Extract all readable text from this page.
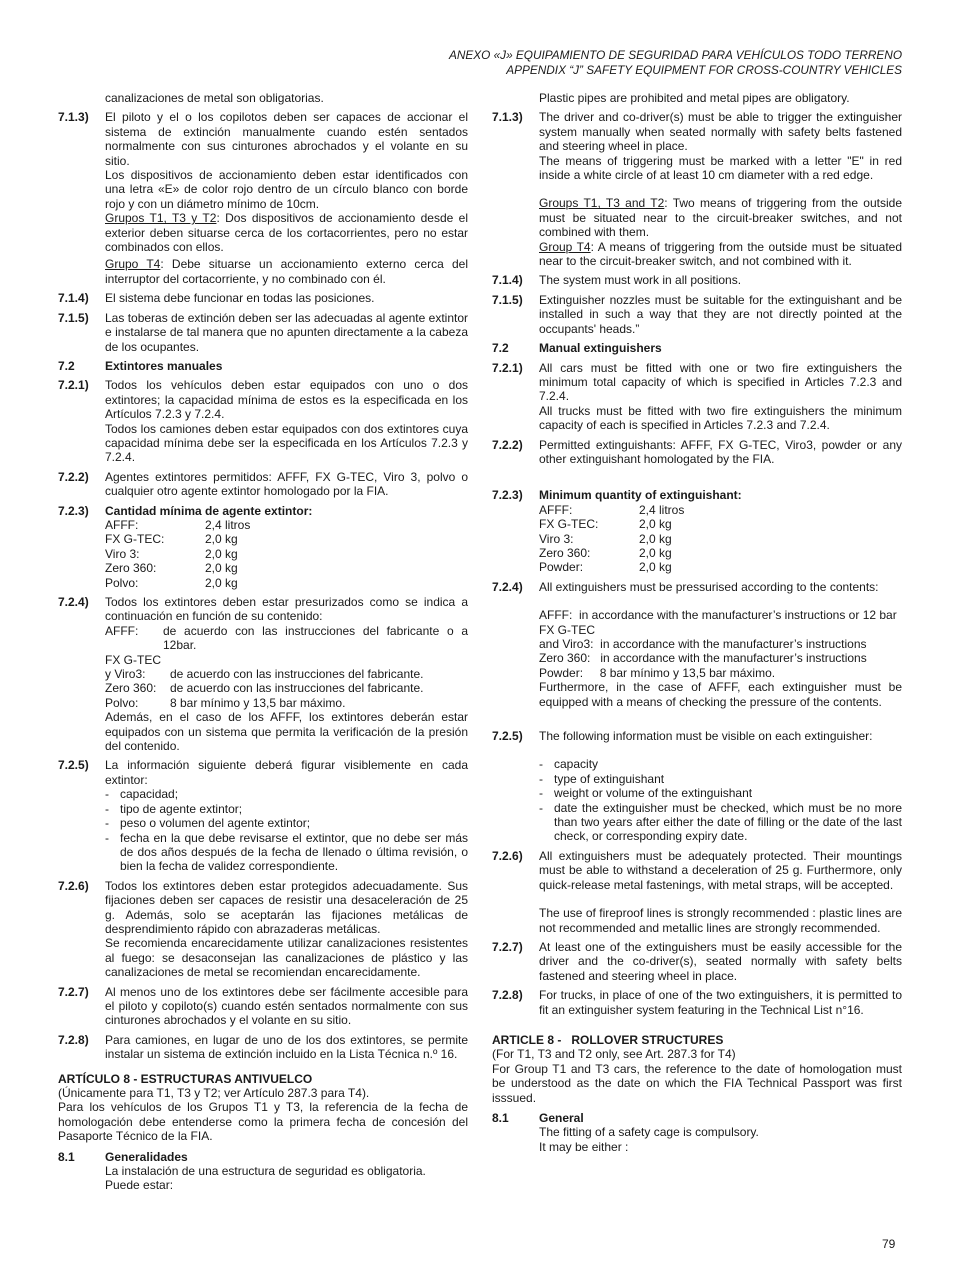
ANEXO «J» EQUIPAMIENTO DE SEGURIDAD PARA VEHÍCULOS TODO TERRENO
APPENDIX “J” SAFETY EQUIPMENT FOR CROSS-COUNTRY VEHICLES
canalizaciones de metal son obligatorias.
7.1.3)	El piloto y el o los copilotos deben ser capaces de accionar el sistema de extinción manualmente cuando estén sentados normalmente con sus cinturones abrochados y el volante en su sitio.

Los dispositivos de accionamiento deben estar identificados con una letra «E» de color rojo dentro de un círculo blanco con borde rojo y con un diámetro mínimo de 10cm.

Grupos T1, T3 y T2: Dos dispositivos de accionamiento desde el exterior deben situarse cerca de los cortacorrientes, pero no estar combinados con ellos.

Grupo T4: Debe situarse un accionamiento externo cerca del interruptor del cortacorriente, y no combinado con él.

7.1.4)	El sistema debe funcionar en todas las posiciones.
7.1.5)	Las toberas de extinción deben ser las adecuadas al agente extintor e instalarse de tal manera que no apunten directamente a la cabeza de los ocupantes.
7.2	Extintores manuales
7.2.1)	Todos los vehículos deben estar equipados con uno o dos extintores; la capacidad mínima de estos es la especificada en los Artículos 7.2.3 y 7.2.4.

Todos los camiones deben estar equipados con dos extintores cuya capacidad mínima debe ser la especificada en los Artículos 7.2.3 y 7.2.4.

7.2.2)	Agentes extintores permitidos: AFFF, FX G-TEC, Viro 3, polvo o cualquier otro agente extintor homologado por la FIA.
7.2.3)	Cantidad mínima de agente extintor:

AFFF:	2,4 litros
FX G-TEC:	2,0 kg
Viro 3:	2,0 kg
Zero 360:	2,0 kg
Polvo:	2,0 kg
7.2.4)	Todos los extintores deben estar presurizados como se indica a continuación en función de su contenido:

AFFF:	de acuerdo con las instrucciones del fabricante o a 12bar.

FX G-TEC

y Viro3:	de acuerdo con las instrucciones del fabricante.
Zero 360:	de acuerdo con las instrucciones del fabricante.
Polvo:	8 bar mínimo y 13,5 bar máximo.

Además, en el caso de los AFFF, los extintores deberán estar equipados con un sistema que permita la verificación de la presión del contenido.

7.2.5)	La información siguiente deberá figurar visiblemente en cada extintor:

- capacidad;
- tipo de agente extintor;
- peso o volumen del agente extintor;
- fecha en la que debe revisarse el extintor, que no debe ser más de dos años después de la fecha de llenado o última revisión, o bien la fecha de validez correspondiente.
7.2.6)	Todos los extintores deben estar protegidos adecuadamente. Sus fijaciones deben ser capaces de resistir una desaceleración de 25 g. Además, solo se aceptarán las fijaciones metálicas de desprendimiento rápido con abrazaderas metálicas.

Se recomienda encarecidamente utilizar canalizaciones resistentes al fuego: se desaconsejan las canalizaciones de plástico y las canalizaciones de metal se recomiendan encarecidamente.

7.2.7)	Al menos uno de los extintores debe ser fácilmente accesible para el piloto y copiloto(s) cuando estén sentados normalmente con sus cinturones abrochados y el volante en su sitio.
7.2.8)	Para camiones, en lugar de uno de los dos extintores, se permite instalar un sistema de extinción incluido en la Lista Técnica n.º 16.

ARTÍCULO 8 - ESTRUCTURAS ANTIVUELCO

(Únicamente para T1, T3 y T2; ver Artículo 287.3 para T4).

Para los vehículos de los Grupos T1 y T3, la referencia de la fecha de homologación debe entenderse como la primera fecha de concesión del Pasaporte Técnico de la FIA.

8.1	Generalidades

La instalación de una estructura de seguridad es obligatoria.

Puede estar:

Plastic pipes are prohibited and metal pipes are obligatory.
7.1.3)	The driver and co-driver(s) must be able to trigger the extinguisher system manually when seated normally with safety belts fastened and steering wheel in place.

The means of triggering must be marked with a letter "E" in red inside a white circle of at least 10 cm diameter with a red edge.

Groups T1, T3 and T2: Two means of triggering from the outside must be situated near to the circuit-breaker switches, and not combined with them.

Group T4: A means of triggering from the outside must be situated near to the circuit-breaker switch, and not combined with it.

7.1.4)	The system must work in all positions.
7.1.5)	Extinguisher nozzles must be suitable for the extinguishant and be installed in such a way that they are not directly pointed at the occupants' heads.”
7.2	Manual extinguishers
7.2.1)	All cars must be fitted with one or two fire extinguishers the minimum total capacity of which is specified in Articles 7.2.3 and 7.2.4.

All trucks must be fitted with two fire extinguishers the minimum capacity of each is specified in Articles 7.2.3 and 7.2.4.

7.2.2)	Permitted extinguishants: AFFF, FX G-TEC, Viro3, powder or any other extinguishant homologated by the FIA.
7.2.3)	Minimum quantity of extinguishant:

AFFF:	2,4 litros
FX G-TEC:	2,0 kg
Viro 3:	2,0 kg
Zero 360:	2,0 kg
Powder:	2,0 kg
7.2.4)	All extinguishers must be pressurised according to the contents:

AFFF:  in accordance with the manufacturer’s instructions or 12 bar

FX G-TEC

and Viro3:  in accordance with the manufacturer’s instructions

Zero 360:   in accordance with the manufacturer’s instructions

Powder:     8 bar mínimo y 13,5 bar máximo.

Furthermore, in the case of AFFF, each extinguisher must be equipped with a means of checking the pressure of the contents.

7.2.5)	The following information must be visible on each extinguisher:

- capacity
- type of extinguishant
- weight or volume of the extinguishant
- date the extinguisher must be checked, which must be no more than two years after either the date of filling or the date of the last check, or corresponding expiry date.
7.2.6)	All extinguishers must be adequately protected. Their mountings must be able to withstand a deceleration of 25 g. Furthermore, only quick-release metal fastenings, with metal straps, will be accepted.

The use of fireproof lines is strongly recommended : plastic lines are not recommended and metallic lines are strongly recommended.

7.2.7)	At least one of the extinguishers must be easily accessible for the driver and the co-driver(s), seated normally with safety belts fastened and steering wheel in place.
7.2.8)	For trucks, in place of one of the two extinguishers, it is permitted to fit an extinguisher system featuring in the Technical List n°16.

ARTICLE 8 -   ROLLOVER STRUCTURES

(For T1, T3 and T2 only, see Art. 287.3 for T4)

For Group T1 and T3 cars, the reference to the date of homologation must be understood as the date on which the FIA Technical Passport was first isssued.

8.1	General

The fitting of a safety cage is compulsory.

It may be either :

79
